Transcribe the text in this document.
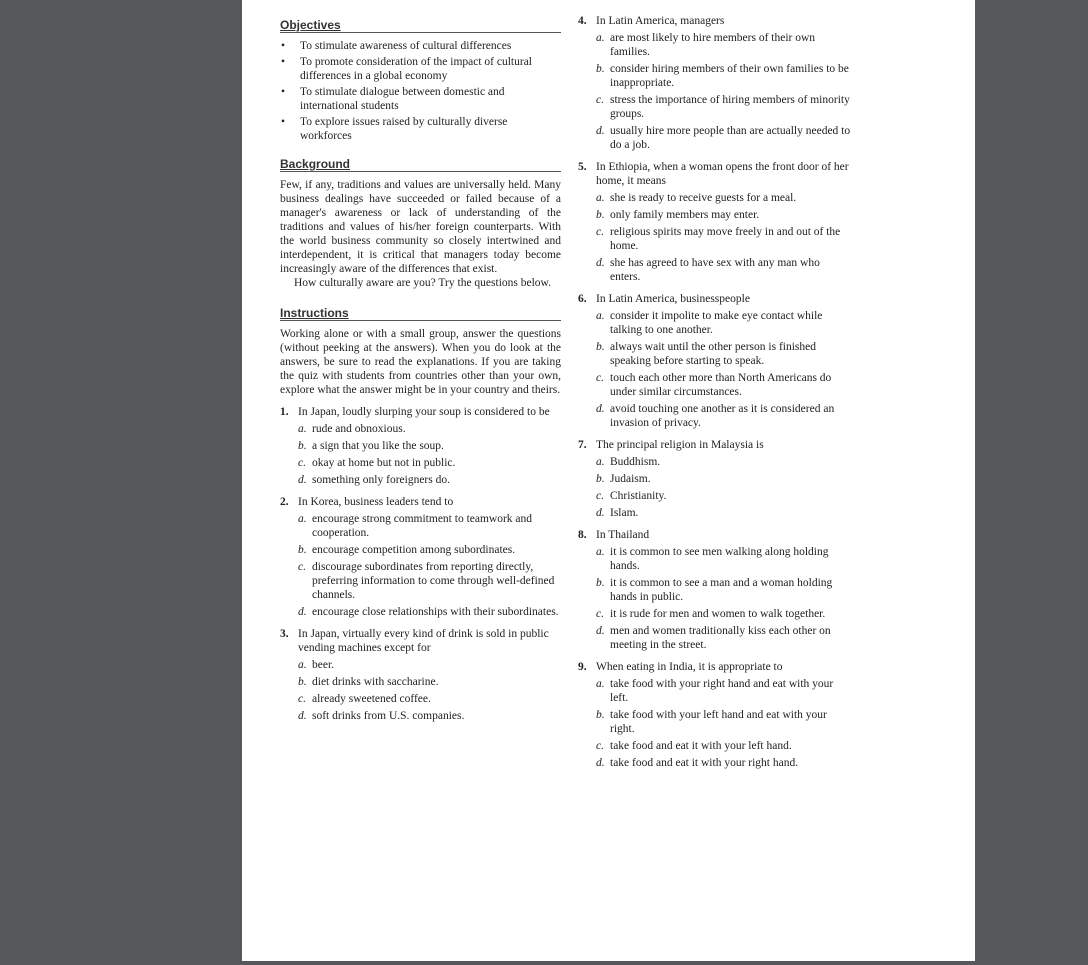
Objectives
• To stimulate awareness of cultural differences
• To promote consideration of the impact of cultural differences in a global economy
• To stimulate dialogue between domestic and international students
• To explore issues raised by culturally diverse workforces
Background

Few, if any, traditions and values are universally held. Many business dealings have succeeded or failed because of a manager's awareness or lack of understanding of the traditions and values of his/her foreign counterparts. With the world business community so closely intertwined and interdependent, it is critical that managers today become increasingly aware of the differences that exist.

How culturally aware are you? Try the questions below.

Instructions

Working alone or with a small group, answer the questions (without peeking at the answers). When you do look at the answers, be sure to read the explanations. If you are taking the quiz with students from countries other than your own, explore what the answer might be in your country and theirs.

1. In Japan, loudly slurping your soup is considered to be
a. rude and obnoxious.
b. a sign that you like the soup.
c. okay at home but not in public.
d. something only foreigners do.
2. In Korea, business leaders tend to
a. encourage strong commitment to teamwork and cooperation.
b. encourage competition among subordinates.
c. discourage subordinates from reporting directly, preferring information to come through well-defined channels.
d. encourage close relationships with their subordinates.
3. In Japan, virtually every kind of drink is sold in public vending machines except for
a. beer.
b. diet drinks with saccharine.
c. already sweetened coffee.
d. soft drinks from U.S. companies.
4. In Latin America, managers
a. are most likely to hire members of their own families.
b. consider hiring members of their own families to be inappropriate.
c. stress the importance of hiring members of minority groups.
d. usually hire more people than are actually needed to do a job.
5. In Ethiopia, when a woman opens the front door of her home, it means
a. she is ready to receive guests for a meal.
b. only family members may enter.
c. religious spirits may move freely in and out of the home.
d. she has agreed to have sex with any man who enters.
6. In Latin America, businesspeople
a. consider it impolite to make eye contact while talking to one another.
b. always wait until the other person is finished speaking before starting to speak.
c. touch each other more than North Americans do under similar circumstances.
d. avoid touching one another as it is considered an invasion of privacy.
7. The principal religion in Malaysia is
a. Buddhism.
b. Judaism.
c. Christianity.
d. Islam.
8. In Thailand
a. it is common to see men walking along holding hands.
b. it is common to see a man and a woman holding hands in public.
c. it is rude for men and women to walk together.
d. men and women traditionally kiss each other on meeting in the street.
9. When eating in India, it is appropriate to
a. take food with your right hand and eat with your left.
b. take food with your left hand and eat with your right.
c. take food and eat it with your left hand.
d. take food and eat it with your right hand.
